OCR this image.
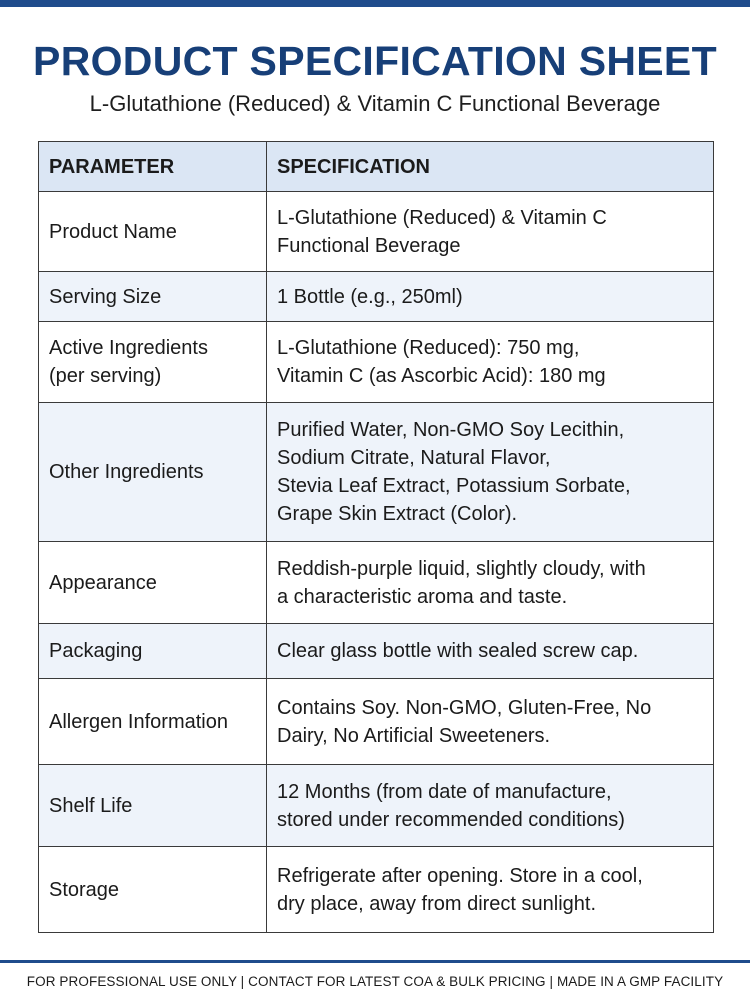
PRODUCT SPECIFICATION SHEET
L-Glutathione (Reduced) & Vitamin C Functional Beverage
PARAMETER	SPECIFICATION

Product Name	L-Glutathione (Reduced) & Vitamin C
Functional Beverage

Serving Size	1 Bottle (e.g., 250ml)

Active Ingredients
(per serving)	L-Glutathione (Reduced): 750 mg,
Vitamin C (as Ascorbic Acid): 180 mg

Other Ingredients	Purified Water, Non-GMO Soy Lecithin,
Sodium Citrate, Natural Flavor,
Stevia Leaf Extract, Potassium Sorbate,
Grape Skin Extract (Color).

Appearance	Reddish-purple liquid, slightly cloudy, with
a characteristic aroma and taste.

Packaging	Clear glass bottle with sealed screw cap.

Allergen Information	Contains Soy. Non-GMO, Gluten-Free, No
Dairy, No Artificial Sweeteners.

Shelf Life	12 Months (from date of manufacture,
stored under recommended conditions)

Storage	Refrigerate after opening. Store in a cool,
dry place, away from direct sunlight.
FOR PROFESSIONAL USE ONLY | CONTACT FOR LATEST COA & BULK PRICING | MADE IN A GMP FACILITY
